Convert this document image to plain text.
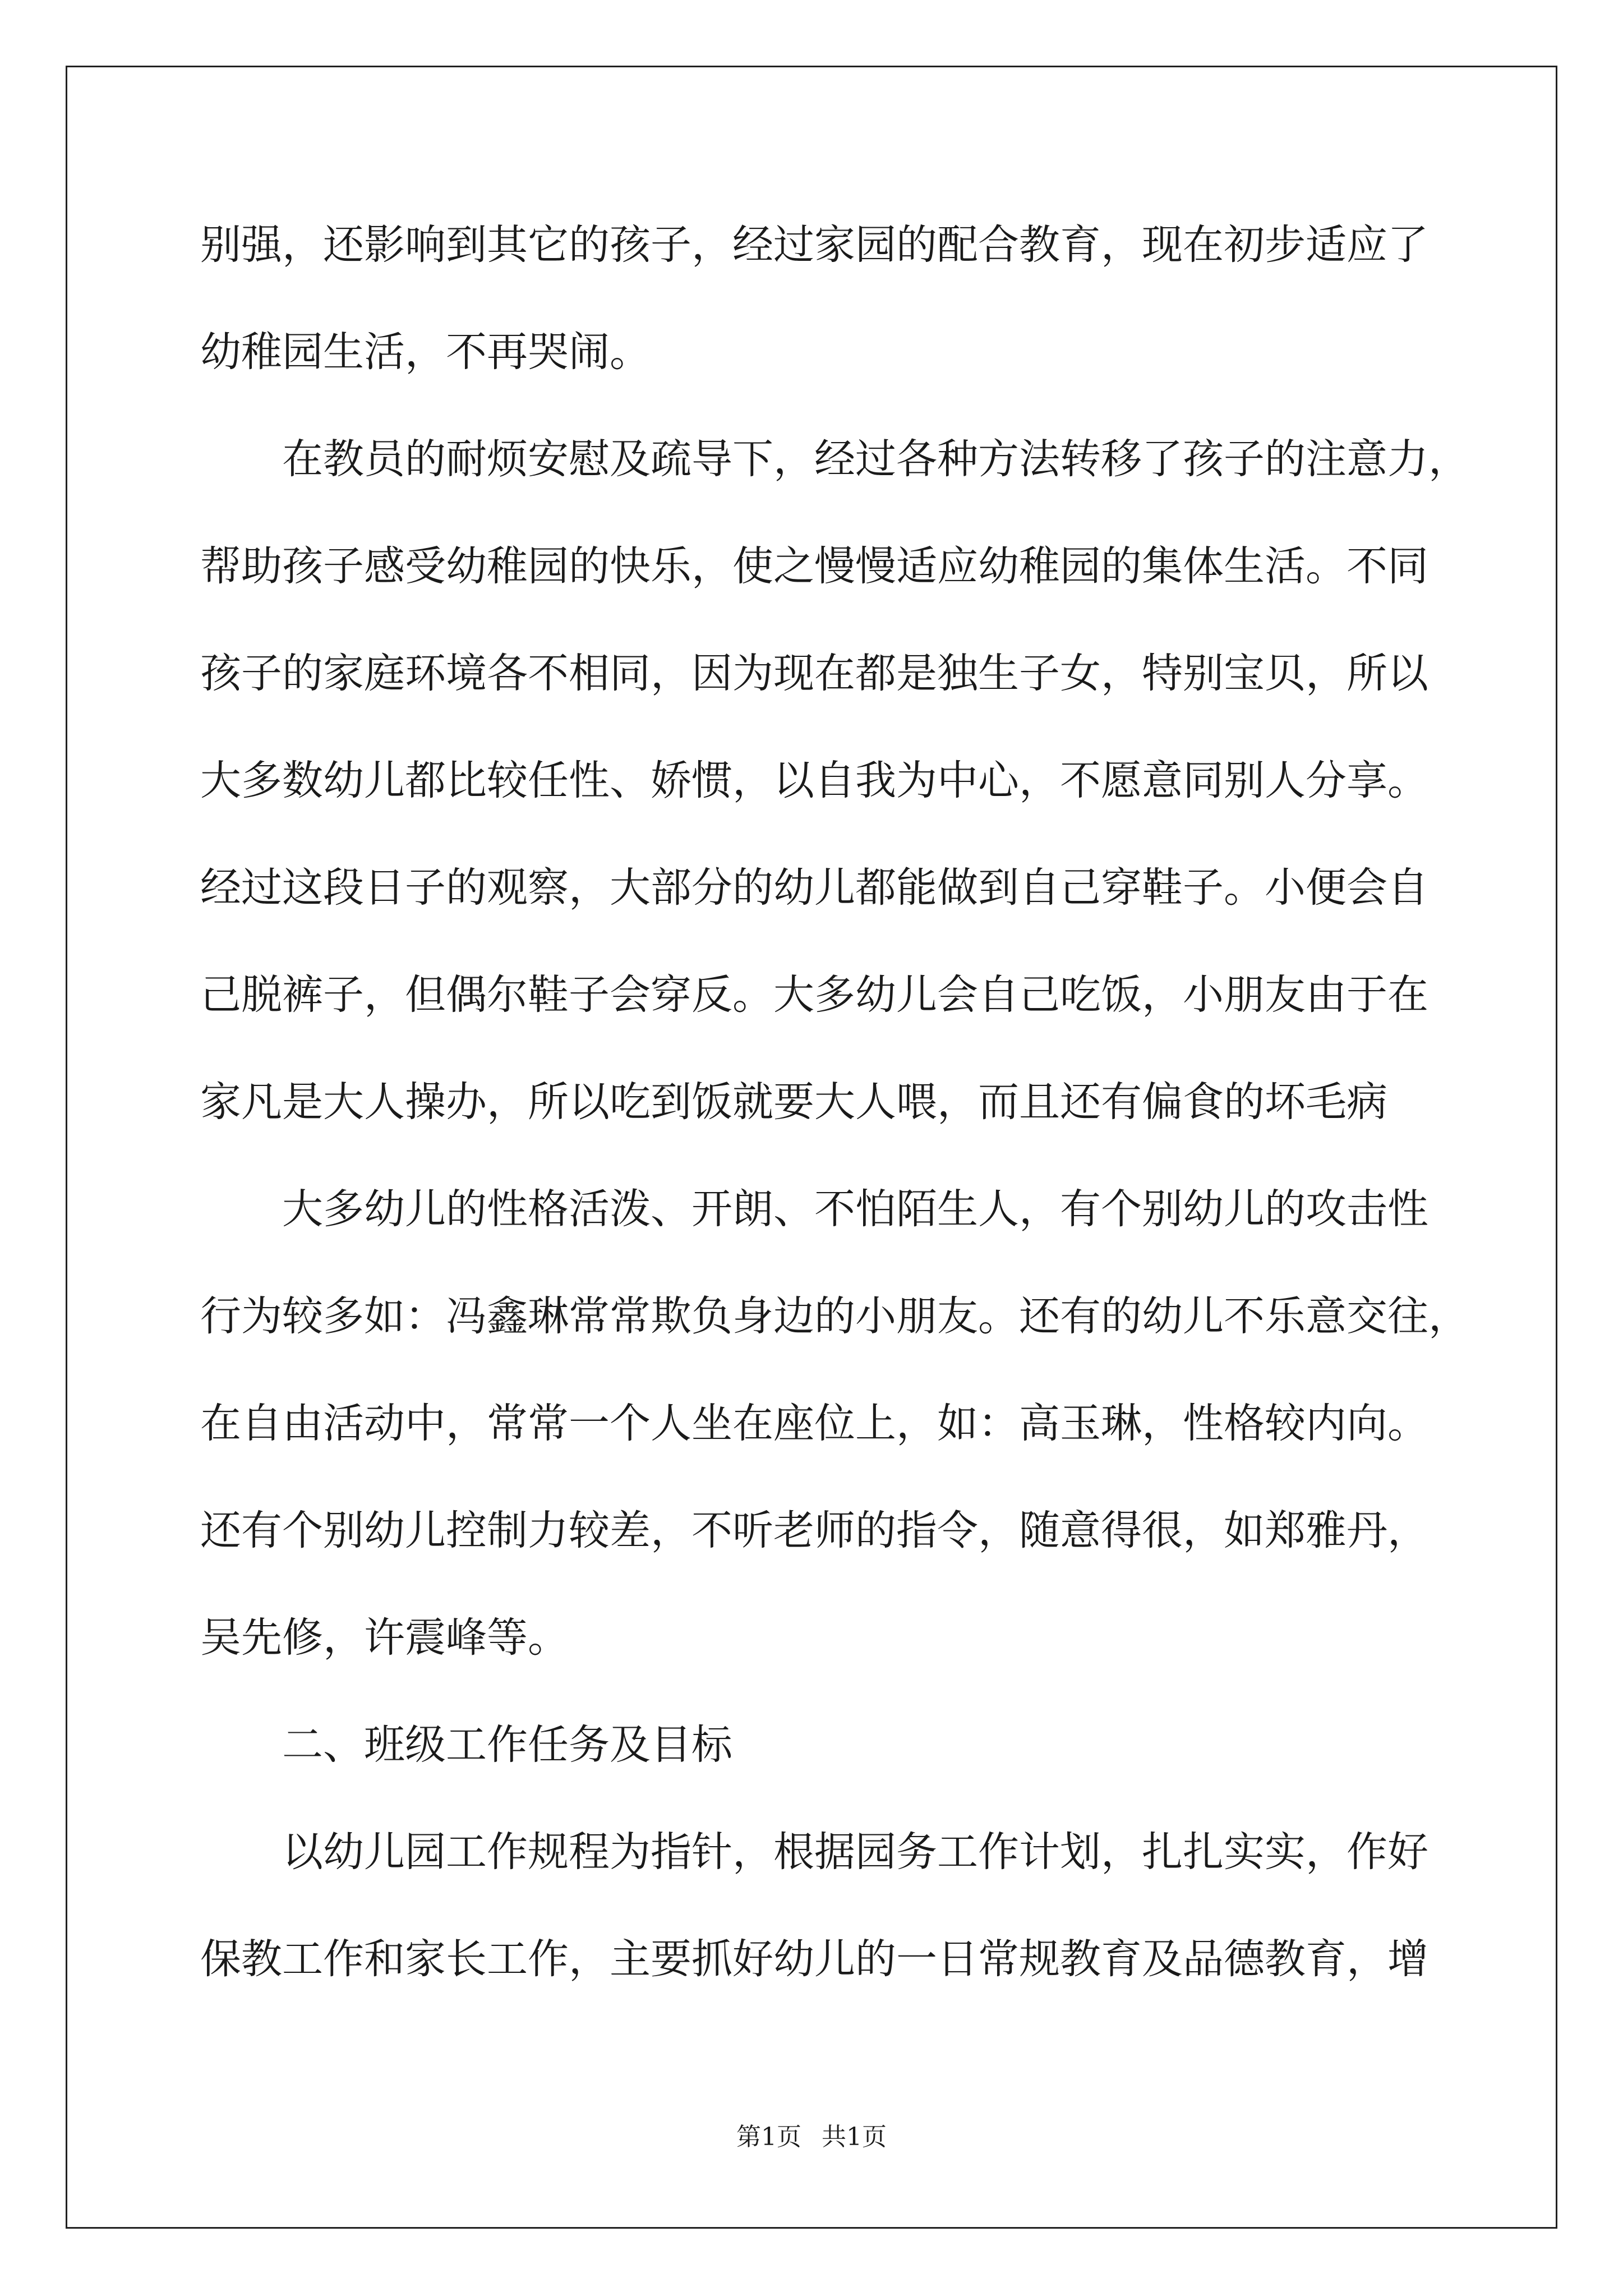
别强，还影响到其它的孩子，经过家园的配合教育，现在初步适应了
幼稚园生活，不再哭闹。
在教员的耐烦安慰及疏导下，经过各种方法转移了孩子的注意力，
帮助孩子感受幼稚园的快乐，使之慢慢适应幼稚园的集体生活。不同
孩子的家庭环境各不相同，因为现在都是独生子女，特别宝贝，所以
大多数幼儿都比较任性、娇惯，以自我为中心，不愿意同别人分享。
经过这段日子的观察，大部分的幼儿都能做到自己穿鞋子。小便会自
己脱裤子，但偶尔鞋子会穿反。大多幼儿会自己吃饭，小朋友由于在
家凡是大人操办，所以吃到饭就要大人喂，而且还有偏食的坏毛病
大多幼儿的性格活泼、开朗、不怕陌生人，有个别幼儿的攻击性
行为较多如：冯鑫琳常常欺负身边的小朋友。还有的幼儿不乐意交往，
在自由活动中，常常一个人坐在座位上，如：高玉琳，性格较内向。
还有个别幼儿控制力较差，不听老师的指令，随意得很，如郑雅丹，
吴先修，许震峰等。
二、班级工作任务及目标
以幼儿园工作规程为指针，根据园务工作计划，扎扎实实，作好
保教工作和家长工作，主要抓好幼儿的一日常规教育及品德教育，增
第1页 共1页
